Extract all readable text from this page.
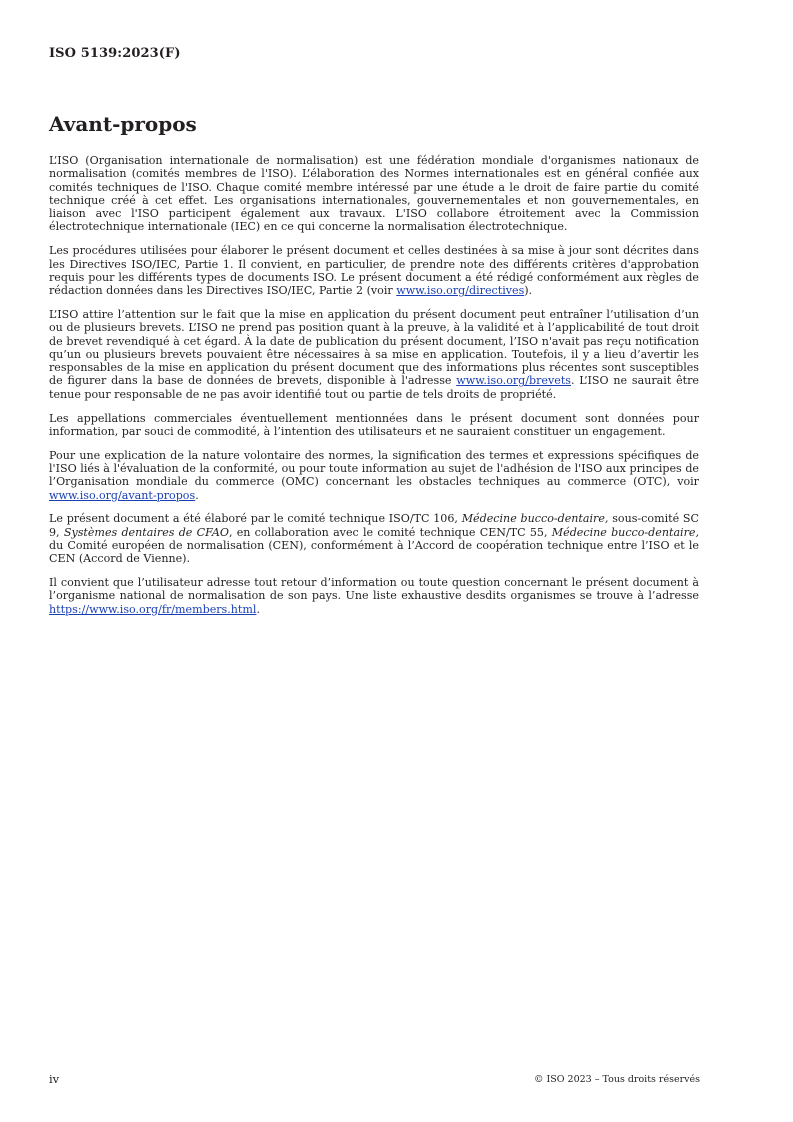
ISO 5139:2023(F)
Avant-propos

L’ISO (Organisation internationale de normalisation) est une fédération mondiale d'organismes nationaux de normalisation (comités membres de l'ISO). L’élaboration des Normes internationales est en général confiée aux comités techniques de l'ISO. Chaque comité membre intéressé par une étude a le droit de faire partie du comité technique créé à cet effet. Les organisations internationales, gouvernementales et non gouvernementales, en liaison avec l'ISO participent également aux travaux. L'ISO collabore étroitement avec la Commission électrotechnique internationale (IEC) en ce qui concerne la normalisation électrotechnique.

Les procédures utilisées pour élaborer le présent document et celles destinées à sa mise à jour sont décrites dans les Directives ISO/IEC, Partie 1. Il convient, en particulier, de prendre note des différents critères d'approbation requis pour les différents types de documents ISO. Le présent document a été rédigé conformément aux règles de rédaction données dans les Directives ISO/IEC, Partie 2 (voir www.iso.org/directives).

L’ISO attire l’attention sur le fait que la mise en application du présent document peut entraîner l’utilisation d’un ou de plusieurs brevets. L’ISO ne prend pas position quant à la preuve, à la validité et à l’applicabilité de tout droit de brevet revendiqué à cet égard. À la date de publication du présent document, l’ISO n'avait pas reçu notification qu’un ou plusieurs brevets pouvaient être nécessaires à sa mise en application. Toutefois, il y a lieu d’avertir les responsables de la mise en application du présent document que des informations plus récentes sont susceptibles de figurer dans la base de données de brevets, disponible à l'adresse www.iso.org/brevets. L’ISO ne saurait être tenue pour responsable de ne pas avoir identifié tout ou partie de tels droits de propriété.

Les appellations commerciales éventuellement mentionnées dans le présent document sont données pour information, par souci de commodité, à l’intention des utilisateurs et ne sauraient constituer un engagement.

Pour une explication de la nature volontaire des normes, la signification des termes et expressions spécifiques de l'ISO liés à l'évaluation de la conformité, ou pour toute information au sujet de l'adhésion de l'ISO aux principes de l’Organisation mondiale du commerce (OMC) concernant les obstacles techniques au commerce (OTC), voir www.iso.org/avant-propos.

Le présent document a été élaboré par le comité technique ISO/TC 106, Médecine bucco-dentaire, sous-comité SC 9, Systèmes dentaires de CFAO, en collaboration avec le comité technique CEN/TC 55, Médecine bucco-dentaire, du Comité européen de normalisation (CEN), conformément à l’Accord de coopération technique entre l’ISO et le CEN (Accord de Vienne).

Il convient que l’utilisateur adresse tout retour d’information ou toute question concernant le présent document à l’organisme national de normalisation de son pays. Une liste exhaustive desdits organismes se trouve à l’adresse https://www.iso.org/fr/members.html.

iv	© ISO 2023 – Tous droits réservés
